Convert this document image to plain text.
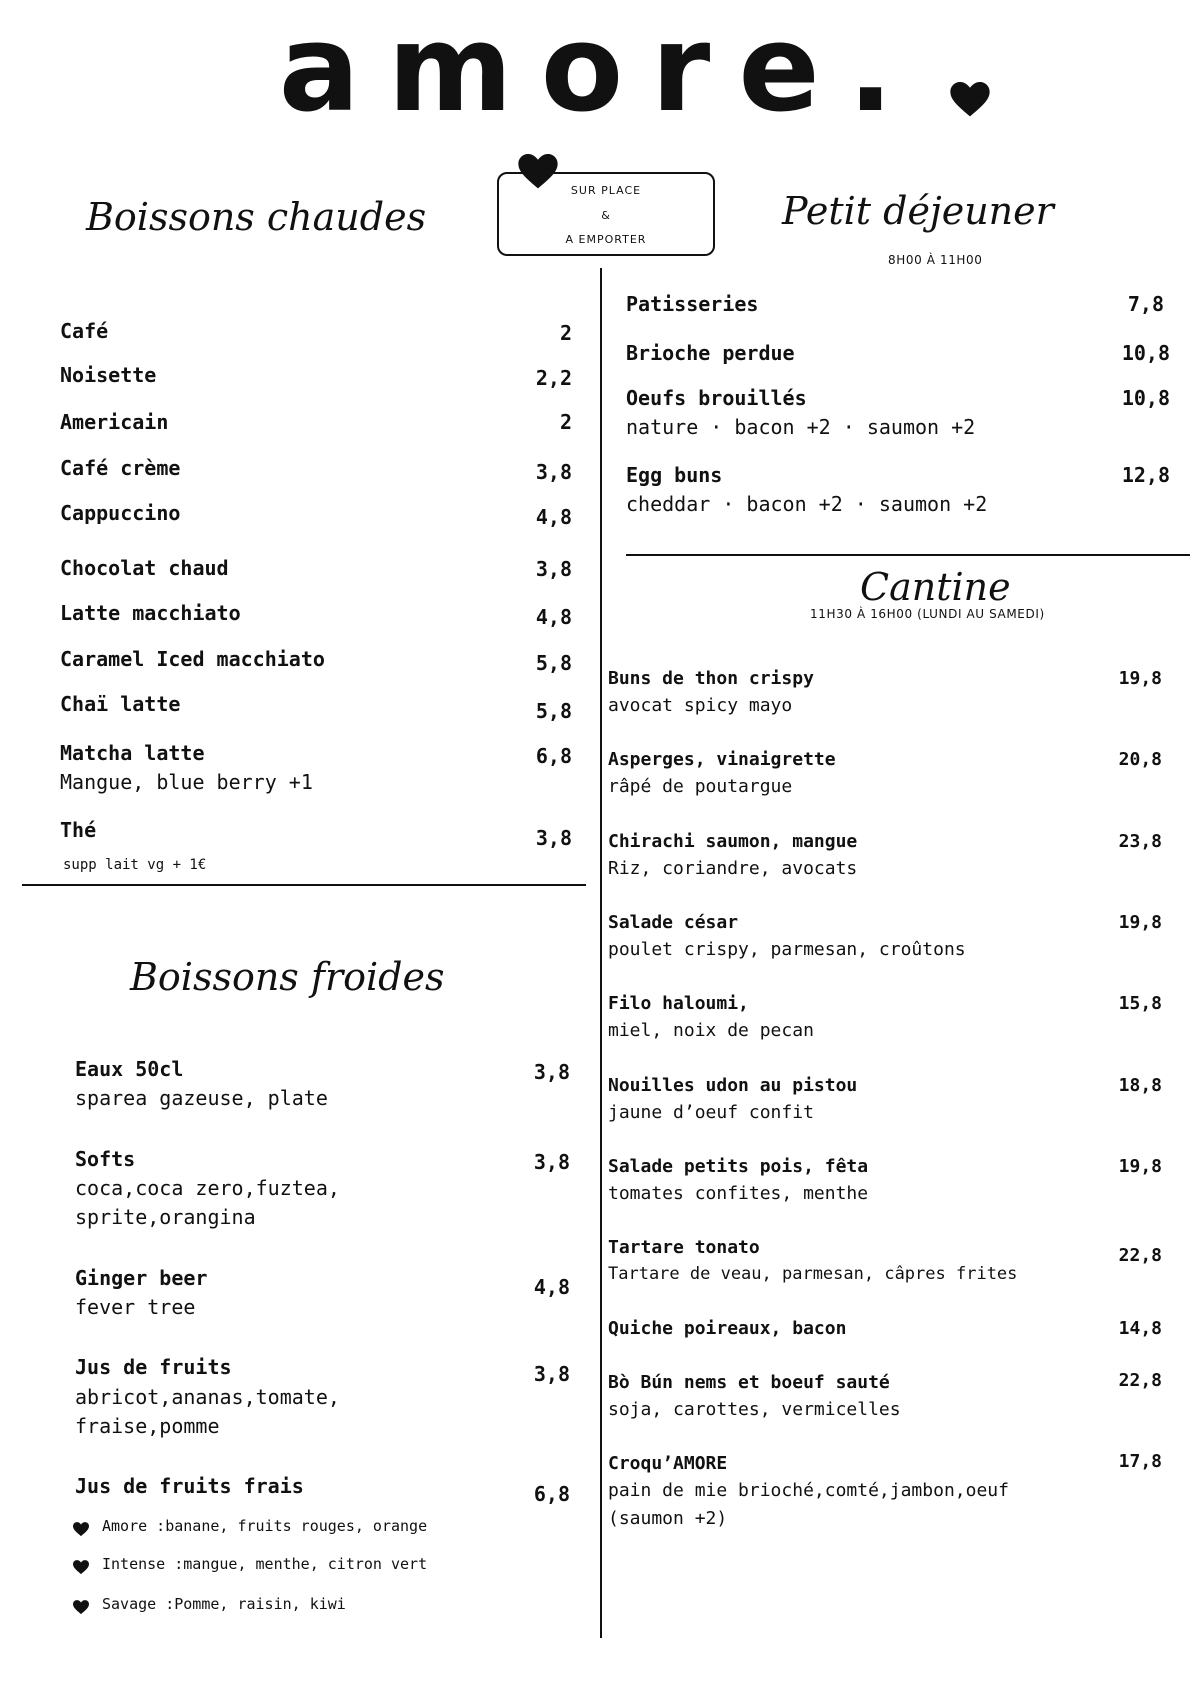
amore.
SUR PLACE
&
A EMPORTER
Boissons chaudes	Petit déjeuner
8H00 À 11H00
Café	2
Noisette	2,2
Americain	2
Café crème	3,8
Cappuccino	4,8
Chocolat chaud	3,8
Latte macchiato	4,8
Caramel Iced macchiato	5,8
Chaï latte	5,8
Matcha latte	6,8
Mangue, blue berry +1
Thé	3,8
supp lait vg + 1€
Boissons froides
Eaux 50cl	3,8
sparea gazeuse, plate
Softs	3,8
coca,coca zero,fuztea,
sprite,orangina
Ginger beer	4,8
fever tree
Jus de fruits	3,8
abricot,ananas,tomate,
fraise,pomme
Jus de fruits frais	6,8
Amore :banane, fruits rouges, orange
Intense :mangue, menthe, citron vert
Savage :Pomme, raisin, kiwi
Patisseries	7,8
Brioche perdue	10,8
Oeufs brouillés	10,8
nature · bacon +2 · saumon +2
Egg buns	12,8
cheddar · bacon +2 · saumon +2
Cantine
11H30 À 16H00 (LUNDI AU SAMEDI)
Buns de thon crispy	19,8
avocat spicy mayo
Asperges, vinaigrette	20,8
râpé de poutargue
Chirachi saumon, mangue	23,8
Riz, coriandre, avocats
Salade césar	19,8
poulet crispy, parmesan, croûtons
Filo haloumi,	15,8
miel, noix de pecan
Nouilles udon au pistou	18,8
jaune d’oeuf confit
Salade petits pois, fêta	19,8
tomates confites, menthe
Tartare tonato	22,8
Tartare de veau, parmesan, câpres frites
Quiche poireaux, bacon	14,8
Bò Bún nems et boeuf sauté	22,8
soja, carottes, vermicelles
Croqu’AMORE	17,8
pain de mie brioché,comté,jambon,oeuf
(saumon +2)
